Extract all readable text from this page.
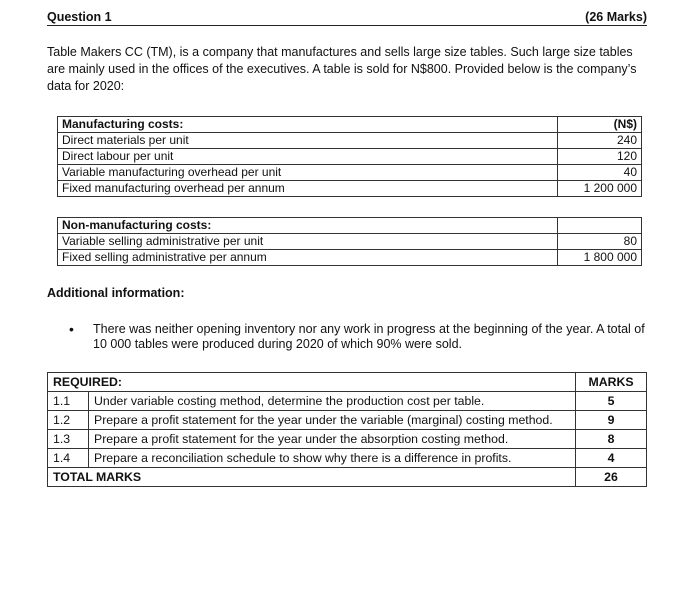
Question 1	(26 Marks)
Table Makers CC (TM), is a company that manufactures and sells large size tables. Such large size tables are mainly used in the offices of the executives. A table is sold for N$800. Provided below is the company’s data for 2020:
Manufacturing costs:	(N$)
Direct materials per unit	240
Direct labour per unit	120
Variable manufacturing overhead per unit	40
Fixed manufacturing overhead per annum	1 200 000
Non-manufacturing costs:	
Variable selling administrative per unit	80
Fixed selling administrative per annum	1 800 000
Additional information:
•	There was neither opening inventory nor any work in progress at the beginning of the year. A total of 10 000 tables were produced during 2020 of which 90% were sold.
REQUIRED:		MARKS
1.1	Under variable costing method, determine the production cost per table.	5
1.2	Prepare a profit statement for the year under the variable (marginal) costing method.	9
1.3	Prepare a profit statement for the year under the absorption costing method.	8
1.4	Prepare a reconciliation schedule to show why there is a difference in profits.	4
TOTAL MARKS		26
